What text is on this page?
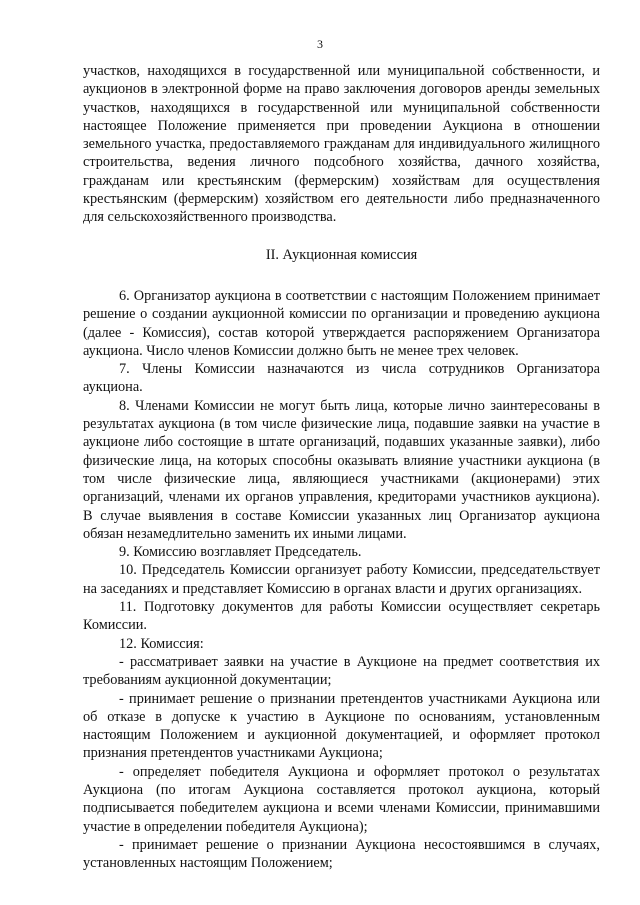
3

участков, находящихся в государственной или муниципальной собственности, и аукционов в электронной форме на право заключения договоров аренды земельных участков, находящихся в государственной или муниципальной собственности настоящее Положение применяется при проведении Аукциона в отношении земельного участка, предоставляемого гражданам для индивидуального жилищного строительства, ведения личного подсобного хозяйства, дачного хозяйства, гражданам или крестьянским (фермерским) хозяйствам для осуществления крестьянским (фермерским) хозяйством его деятельности либо предназначенного для сельскохозяйственного производства.

II. Аукционная комиссия

6. Организатор аукциона в соответствии с настоящим Положением принимает решение о создании аукционной комиссии по организации и проведению аукциона (далее - Комиссия), состав которой утверждается распоряжением Организатора аукциона. Число членов Комиссии должно быть не менее трех человек.

7. Члены Комиссии назначаются из числа сотрудников Организатора аукциона.

8. Членами Комиссии не могут быть лица, которые лично заинтересованы в результатах аукциона (в том числе физические лица, подавшие заявки на участие в аукционе либо состоящие в штате организаций, подавших указанные заявки), либо физические лица, на которых способны оказывать влияние участники аукциона (в том числе физические лица, являющиеся участниками (акционерами) этих организаций, членами их органов управления, кредиторами участников аукциона). В случае выявления в составе Комиссии указанных лиц Организатор аукциона обязан незамедлительно заменить их иными лицами.

9. Комиссию возглавляет Председатель.

10. Председатель Комиссии организует работу Комиссии, председательствует на заседаниях и представляет Комиссию в органах власти и других организациях.

11. Подготовку документов для работы Комиссии осуществляет секретарь Комиссии.

12. Комиссия:

- рассматривает заявки на участие в Аукционе на предмет соответствия их требованиям аукционной документации;

- принимает решение о признании претендентов участниками Аукциона или об отказе в допуске к участию в Аукционе по основаниям, установленным настоящим Положением и аукционной документацией, и оформляет протокол признания претендентов участниками Аукциона;

- определяет победителя Аукциона и оформляет протокол о результатах Аукциона (по итогам Аукциона составляется протокол аукциона, который подписывается победителем аукциона и всеми членами Комиссии, принимавшими участие в определении победителя Аукциона);

- принимает решение о признании Аукциона несостоявшимся в случаях, установленных настоящим Положением;
